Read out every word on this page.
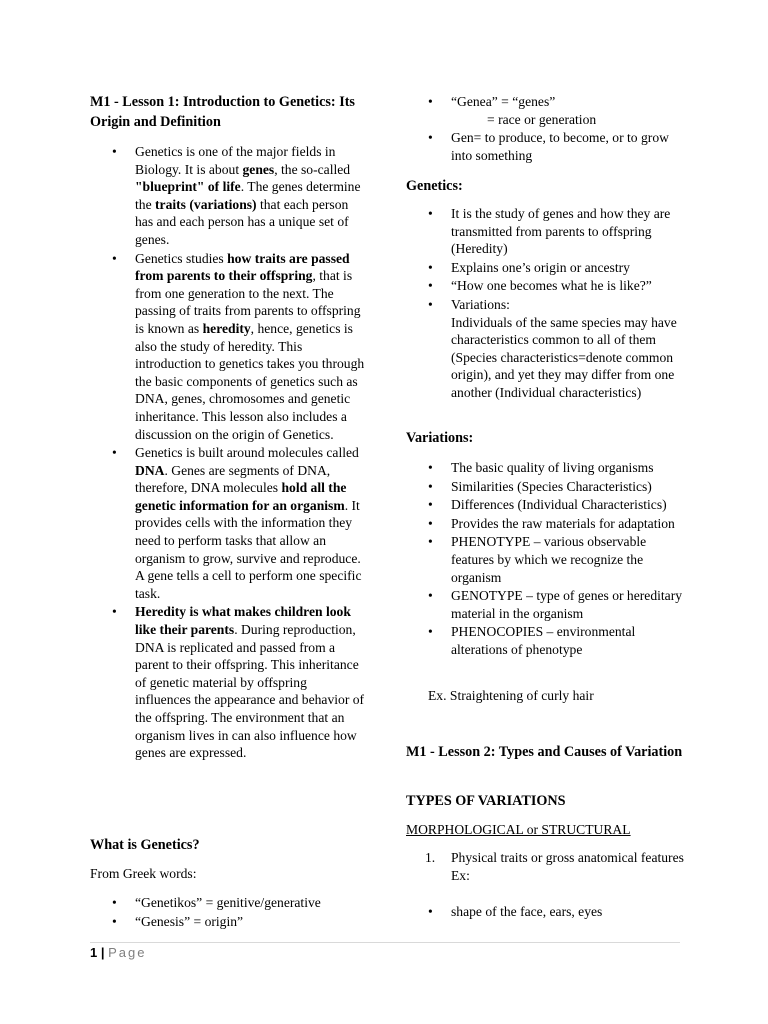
M1 - Lesson 1: Introduction to Genetics: Its Origin and Definition

• Genetics is one of the major fields in Biology. It is about genes, the so-called "blueprint" of life. The genes determine the traits (variations) that each person has and each person has a unique set of genes.
• Genetics studies how traits are passed from parents to their offspring, that is from one generation to the next. The passing of traits from parents to offspring is known as heredity, hence, genetics is also the study of heredity. This introduction to genetics takes you through the basic components of genetics such as DNA, genes, chromosomes and genetic inheritance. This lesson also includes a discussion on the origin of Genetics.
• Genetics is built around molecules called DNA. Genes are segments of DNA, therefore, DNA molecules hold all the genetic information for an organism. It provides cells with the information they need to perform tasks that allow an organism to grow, survive and reproduce. A gene tells a cell to perform one specific task.
• Heredity is what makes children look like their parents. During reproduction, DNA is replicated and passed from a parent to their offspring. This inheritance of genetic material by offspring influences the appearance and behavior of the offspring. The environment that an organism lives in can also influence how genes are expressed.

What is Genetics?

From Greek words:

• “Genetikos” = genitive/generative
• “Genesis” = origin”
• “Genea” = “genes”
= race or generation
• Gen= to produce, to become, or to grow into something

Genetics:

• It is the study of genes and how they are transmitted from parents to offspring (Heredity)
• Explains one’s origin or ancestry
• “How one becomes what he is like?”
• Variations:
Individuals of the same species may have characteristics common to all of them (Species characteristics=denote common origin), and yet they may differ from one another (Individual characteristics)

Variations:

• The basic quality of living organisms
• Similarities (Species Characteristics)
• Differences (Individual Characteristics)
• Provides the raw materials for adaptation
• PHENOTYPE – various observable features by which we recognize the organism
• GENOTYPE – type of genes or hereditary material in the organism
• PHENOCOPIES – environmental alterations of phenotype

Ex. Straightening of curly hair

M1 - Lesson 2: Types and Causes of Variation

TYPES OF VARIATIONS

MORPHOLOGICAL or STRUCTURAL

1. Physical traits or gross anatomical features
Ex:
• shape of the face, ears, eyes
1 | Page
